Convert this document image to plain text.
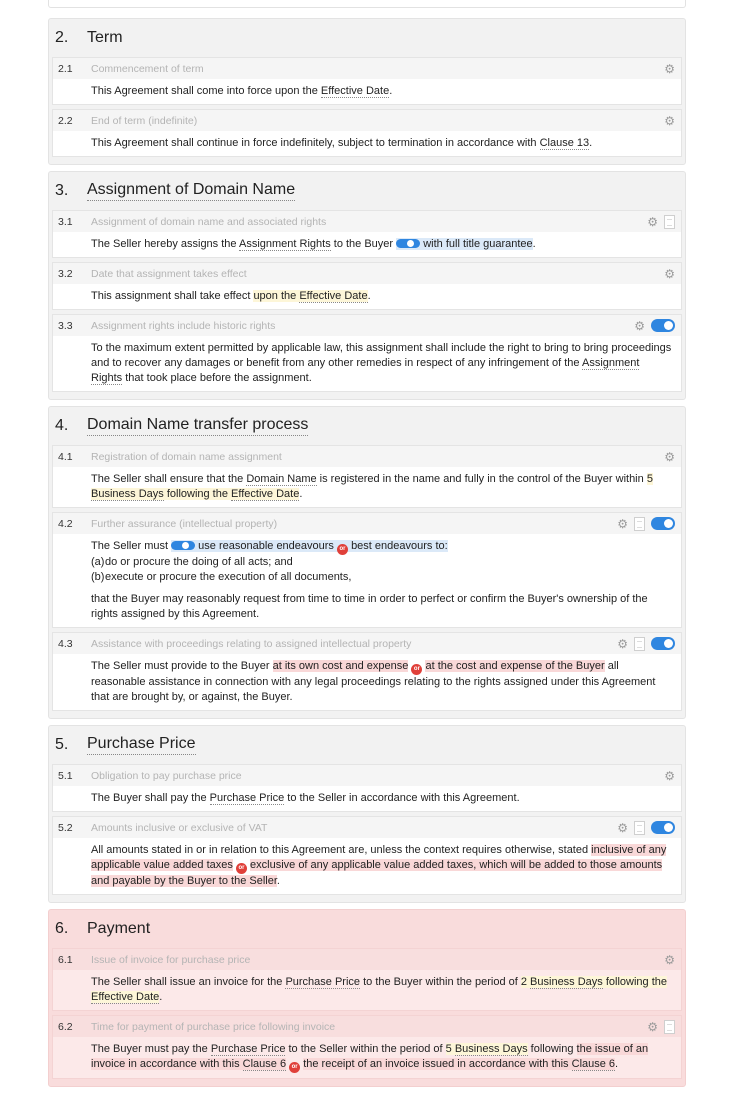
2.	Term
2.1	Commencement of term	⚙
This Agreement shall come into force upon the Effective Date.
2.2	End of term (indefinite)	⚙
This Agreement shall continue in force indefinitely, subject to termination in accordance with Clause 13.
3.	Assignment of Domain Name
3.1	Assignment of domain name and associated rights	⚙
The Seller hereby assigns the Assignment Rights to the Buyer  with full title guarantee.
3.2	Date that assignment takes effect	⚙
This assignment shall take effect upon the Effective Date.
3.3	Assignment rights include historic rights	⚙
To the maximum extent permitted by applicable law, this assignment shall include the right to bring to bring proceedings and to recover any damages or benefit from any other remedies in respect of any infringement of the Assignment Rights that took place before the assignment.
4.	Domain Name transfer process
4.1	Registration of domain name assignment	⚙
The Seller shall ensure that the Domain Name is registered in the name and fully in the control of the Buyer within 5 Business Days following the Effective Date.
4.2	Further assurance (intellectual property)	⚙
The Seller must  use reasonable endeavours or best endeavours to:
(a) do or procure the doing of all acts; and
(b) execute or procure the execution of all documents,
that the Buyer may reasonably request from time to time in order to perfect or confirm the Buyer's ownership of the rights assigned by this Agreement.
4.3	Assistance with proceedings relating to assigned intellectual property	⚙
The Seller must provide to the Buyer at its own cost and expense or at the cost and expense of the Buyer all reasonable assistance in connection with any legal proceedings relating to the rights assigned under this Agreement that are brought by, or against, the Buyer.
5.	Purchase Price
5.1	Obligation to pay purchase price	⚙
The Buyer shall pay the Purchase Price to the Seller in accordance with this Agreement.
5.2	Amounts inclusive or exclusive of VAT	⚙
All amounts stated in or in relation to this Agreement are, unless the context requires otherwise, stated inclusive of any applicable value added taxes or exclusive of any applicable value added taxes, which will be added to those amounts and payable by the Buyer to the Seller.
6.	Payment
6.1	Issue of invoice for purchase price	⚙
The Seller shall issue an invoice for the Purchase Price to the Buyer within the period of 2 Business Days following the Effective Date.
6.2	Time for payment of purchase price following invoice	⚙
The Buyer must pay the Purchase Price to the Seller within the period of 5 Business Days following the issue of an invoice in accordance with this Clause 6 or the receipt of an invoice issued in accordance with this Clause 6.
